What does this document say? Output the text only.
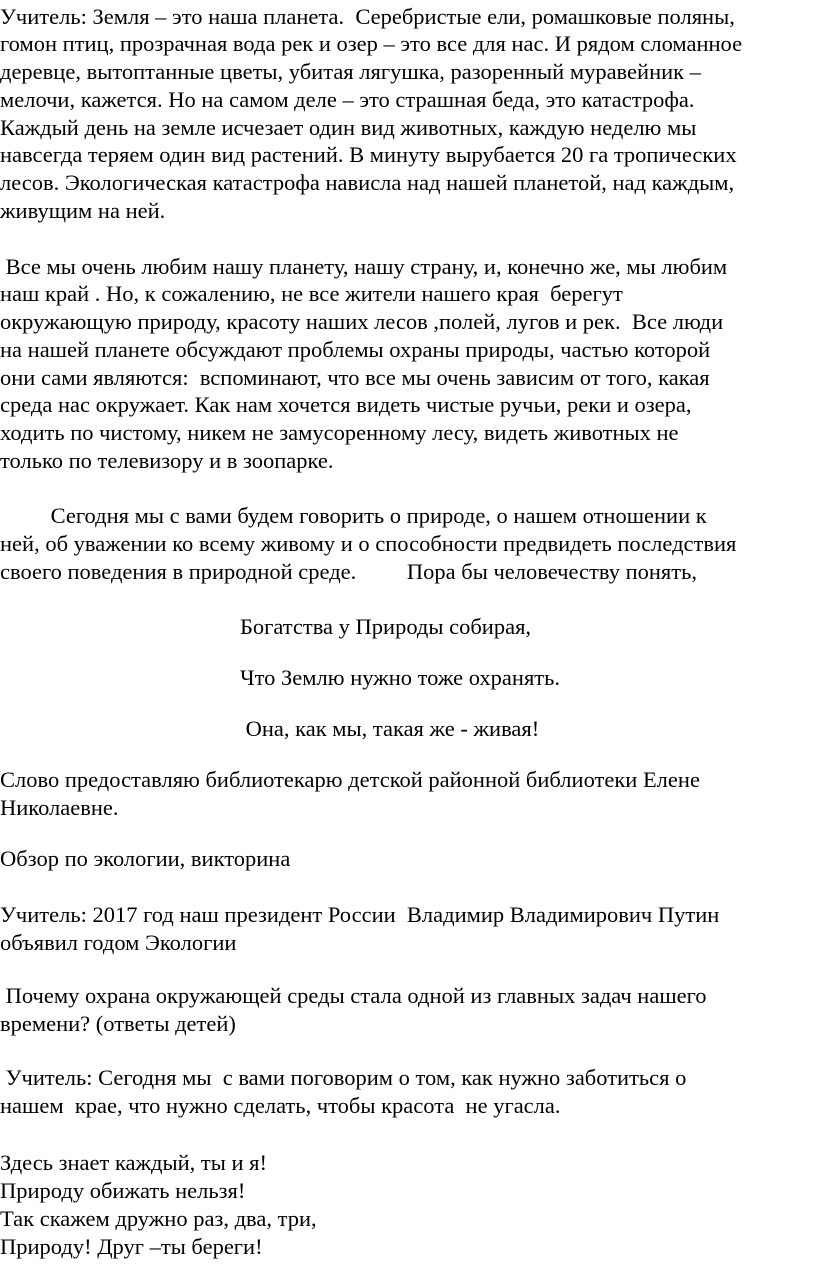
Учитель: Земля – это наша планета.  Серебристые ели, ромашковые поляны,
гомон птиц, прозрачная вода рек и озер – это все для нас. И рядом сломанное
деревце, вытоптанные цветы, убитая лягушка, разоренный муравейник –
мелочи, кажется. Но на самом деле – это страшная беда, это катастрофа.
Каждый день на земле исчезает один вид животных, каждую неделю мы
навсегда теряем один вид растений. В минуту вырубается 20 га тропических
лесов. Экологическая катастрофа нависла над нашей планетой, над каждым,
живущим на ней.
Все мы очень любим нашу планету, нашу страну, и, конечно же, мы любим
наш край . Но, к сожалению, не все жители нашего края  берегут
окружающую природу, красоту наших лесов ,полей, лугов и рек.  Все люди
на нашей планете обсуждают проблемы охраны природы, частью которой
они сами являются:  вспоминают, что все мы очень зависим от того, какая
среда нас окружает. Как нам хочется видеть чистые ручьи, реки и озера,
ходить по чистому, никем не замусоренному лесу, видеть животных не
только по телевизору и в зоопарке.
Сегодня мы с вами будем говорить о природе, о нашем отношении к
ней, об уважении ко всему живому и о способности предвидеть последствия
своего поведения в природной среде.         Пора бы человечеству понять,
Богатства у Природы собирая,
Что Землю нужно тоже охранять.
Она, как мы, такая же - живая!
Слово предоставляю библиотекарю детской районной библиотеки Елене
Николаевне.
Обзор по экологии, викторина
Учитель: 2017 год наш президент России  Владимир Владимирович Путин
объявил годом Экологии
Почему охрана окружающей среды стала одной из главных задач нашего
времени? (ответы детей)
Учитель: Сегодня мы  с вами поговорим о том, как нужно заботиться о
нашем  крае, что нужно сделать, чтобы красота  не угасла.
Здесь знает каждый, ты и я!
Природу обижать нельзя!
Так скажем дружно раз, два, три,
Природу! Друг –ты береги!
